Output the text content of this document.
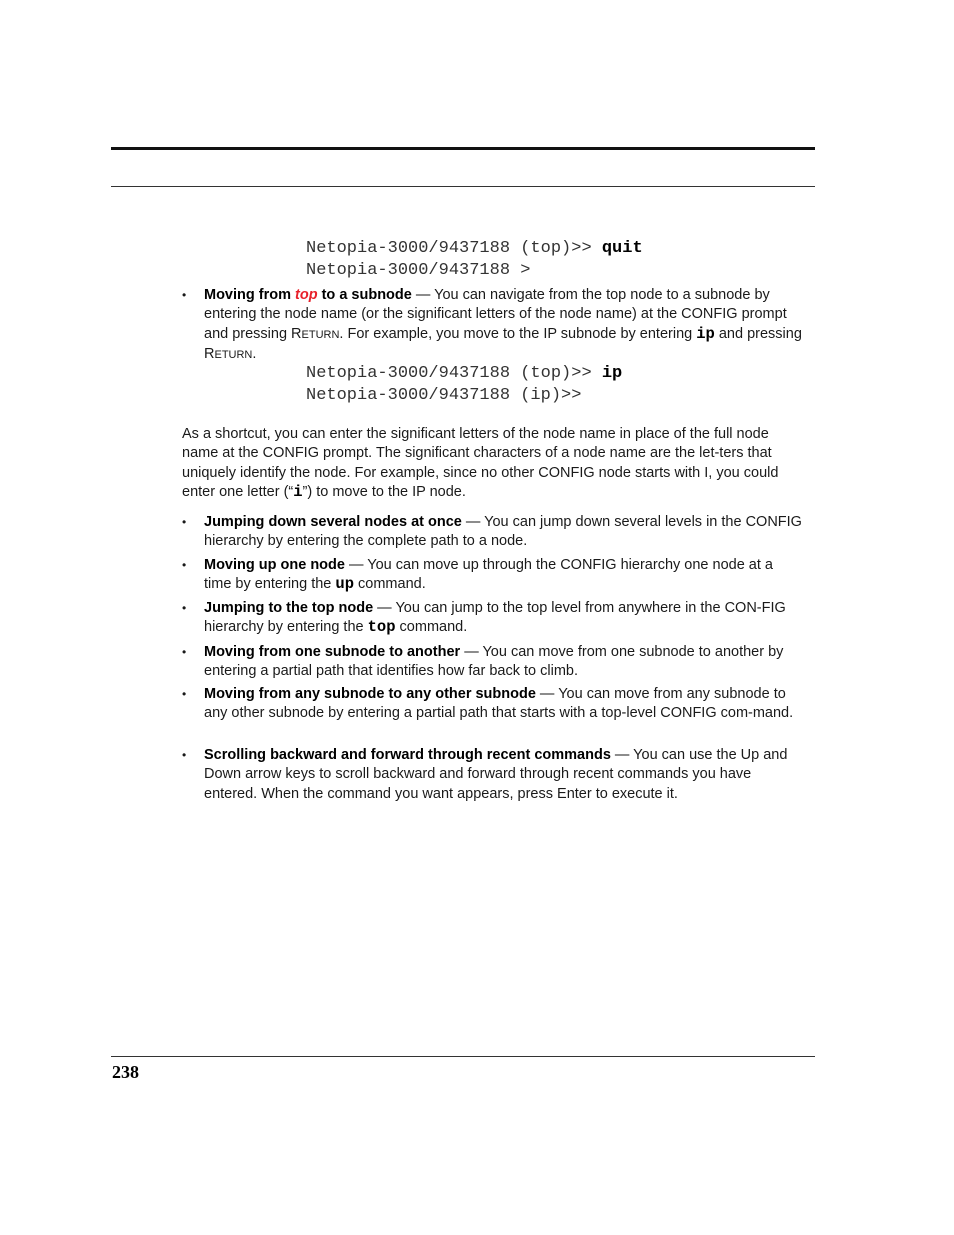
Netopia-3000/9437188 (top)>> quit
Netopia-3000/9437188 >
•	Moving from top to a subnode — You can navigate from the top node to a subnode by entering the node name (or the significant letters of the node name) at the CONFIG prompt and pressing RETURN. For example, you move to the IP subnode by entering ip and pressing RETURN.
Netopia-3000/9437188 (top)>> ip
Netopia-3000/9437188 (ip)>>

As a shortcut, you can enter the significant letters of the node name in place of the full node name at the CONFIG prompt. The significant characters of a node name are the let-ters that uniquely identify the node. For example, since no other CONFIG node starts with I, you could enter one letter (“i”) to move to the IP node.

•	Jumping down several nodes at once — You can jump down several levels in the CONFIG hierarchy by entering the complete path to a node.
•	Moving up one node — You can move up through the CONFIG hierarchy one node at a time by entering the up command.
•	Jumping to the top node — You can jump to the top level from anywhere in the CON-FIG hierarchy by entering the top command.
•	Moving from one subnode to another — You can move from one subnode to another by entering a partial path that identifies how far back to climb.
•	Moving from any subnode to any other subnode — You can move from any subnode to any other subnode by entering a partial path that starts with a top-level CONFIG com-mand.
•	Scrolling backward and forward through recent commands — You can use the Up and Down arrow keys to scroll backward and forward through recent commands you have entered. When the command you want appears, press Enter to execute it.
238
